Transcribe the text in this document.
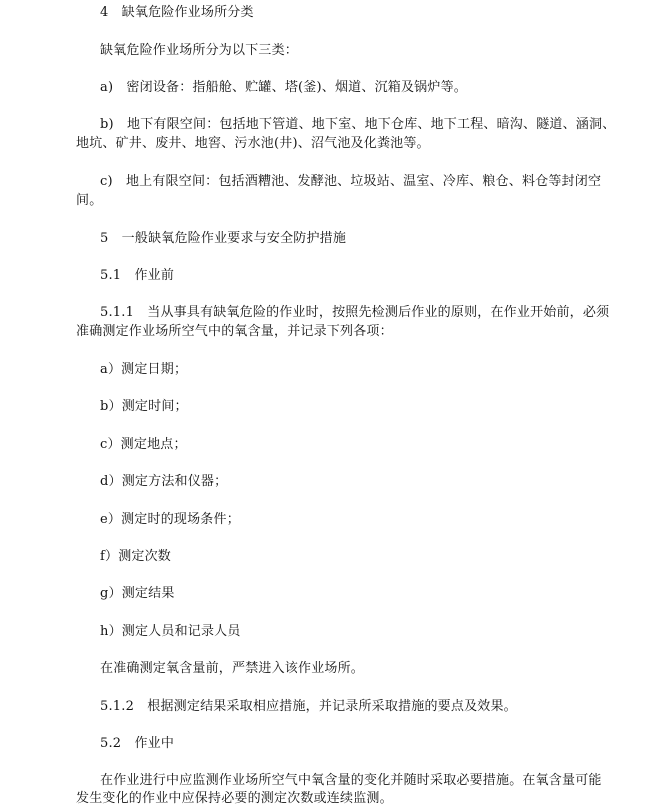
4　缺氧危险作业场所分类
缺氧危险作业场所分为以下三类：
a)　密闭设备：指船舱、贮罐、塔(釜)、烟道、沉箱及锅炉等。
b)　地下有限空间：包括地下管道、地下室、地下仓库、地下工程、暗沟、隧道、涵洞、
地坑、矿井、废井、地窖、污水池(井)、沼气池及化粪池等。
c)　地上有限空间：包括酒糟池、发酵池、垃圾站、温室、冷库、粮仓、料仓等封闭空
间。
5　一般缺氧危险作业要求与安全防护措施
5.1　作业前
5.1.1　当从事具有缺氧危险的作业时，按照先检测后作业的原则，在作业开始前，必须
准确测定作业场所空气中的氧含量，并记录下列各项：
a）测定日期；
b）测定时间；
c）测定地点；
d）测定方法和仪器；
e）测定时的现场条件；
f）测定次数
g）测定结果
h）测定人员和记录人员
在准确测定氧含量前，严禁进入该作业场所。
5.1.2　根据测定结果采取相应措施，并记录所采取措施的要点及效果。
5.2　作业中
在作业进行中应监测作业场所空气中氧含量的变化并随时采取必要措施。在氧含量可能
发生变化的作业中应保持必要的测定次数或连续监测。
